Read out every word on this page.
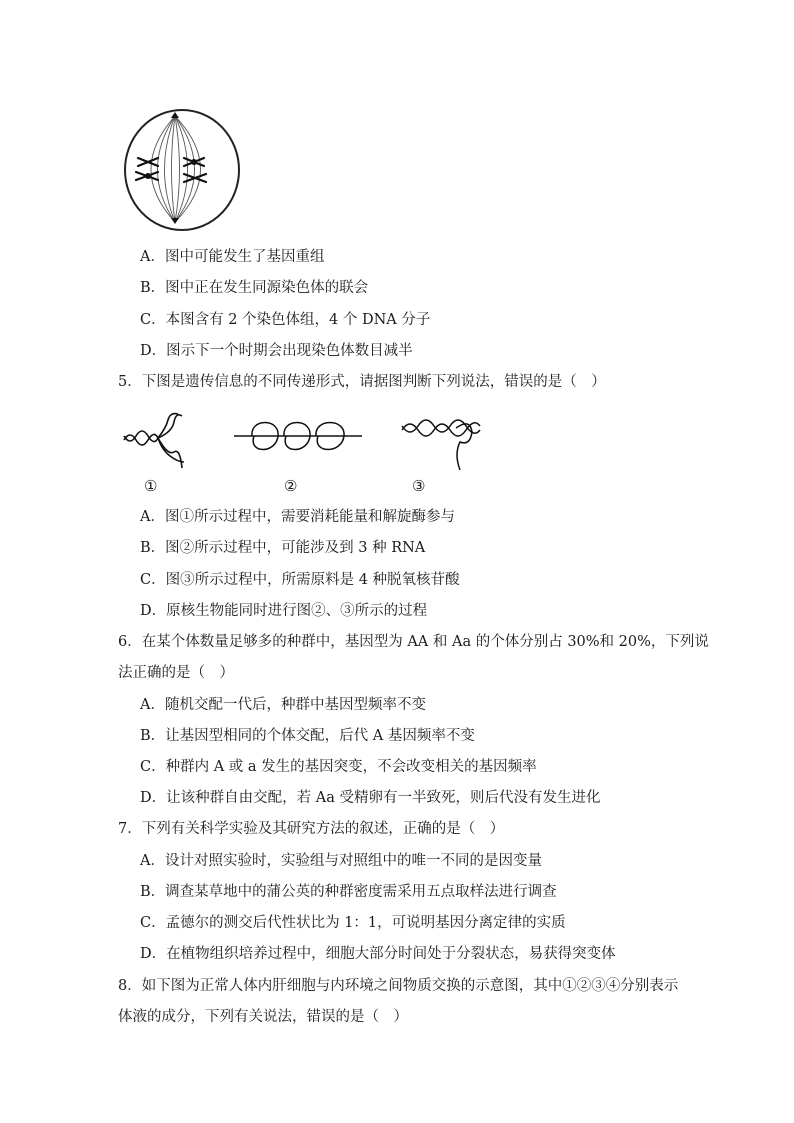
A．图中可能发生了基因重组
B．图中正在发生同源染色体的联会
C．本图含有 2 个染色体组，4 个 DNA 分子
D．图示下一个时期会出现染色体数目减半
5．下图是遗传信息的不同传递形式，请据图判断下列说法，错误的是（　）
①	②	③
A．图①所示过程中，需要消耗能量和解旋酶参与
B．图②所示过程中，可能涉及到 3 种 RNA
C．图③所示过程中，所需原料是 4 种脱氧核苷酸
D．原核生物能同时进行图②、③所示的过程
6．在某个体数量足够多的种群中，基因型为 AA 和 Aa 的个体分别占 30%和 20%，下列说
法正确的是（　）
A．随机交配一代后，种群中基因型频率不变
B．让基因型相同的个体交配，后代 A 基因频率不变
C．种群内 A 或 a 发生的基因突变，不会改变相关的基因频率
D．让该种群自由交配，若 Aa 受精卵有一半致死，则后代没有发生进化
7．下列有关科学实验及其研究方法的叙述，正确的是（　）
A．设计对照实验时，实验组与对照组中的唯一不同的是因变量
B．调查某草地中的蒲公英的种群密度需采用五点取样法进行调查
C．孟德尔的测交后代性状比为 1：1，可说明基因分离定律的实质
D．在植物组织培养过程中，细胞大部分时间处于分裂状态，易获得突变体
8．如下图为正常人体内肝细胞与内环境之间物质交换的示意图，其中①②③④分别表示
体液的成分，下列有关说法，错误的是（　）
